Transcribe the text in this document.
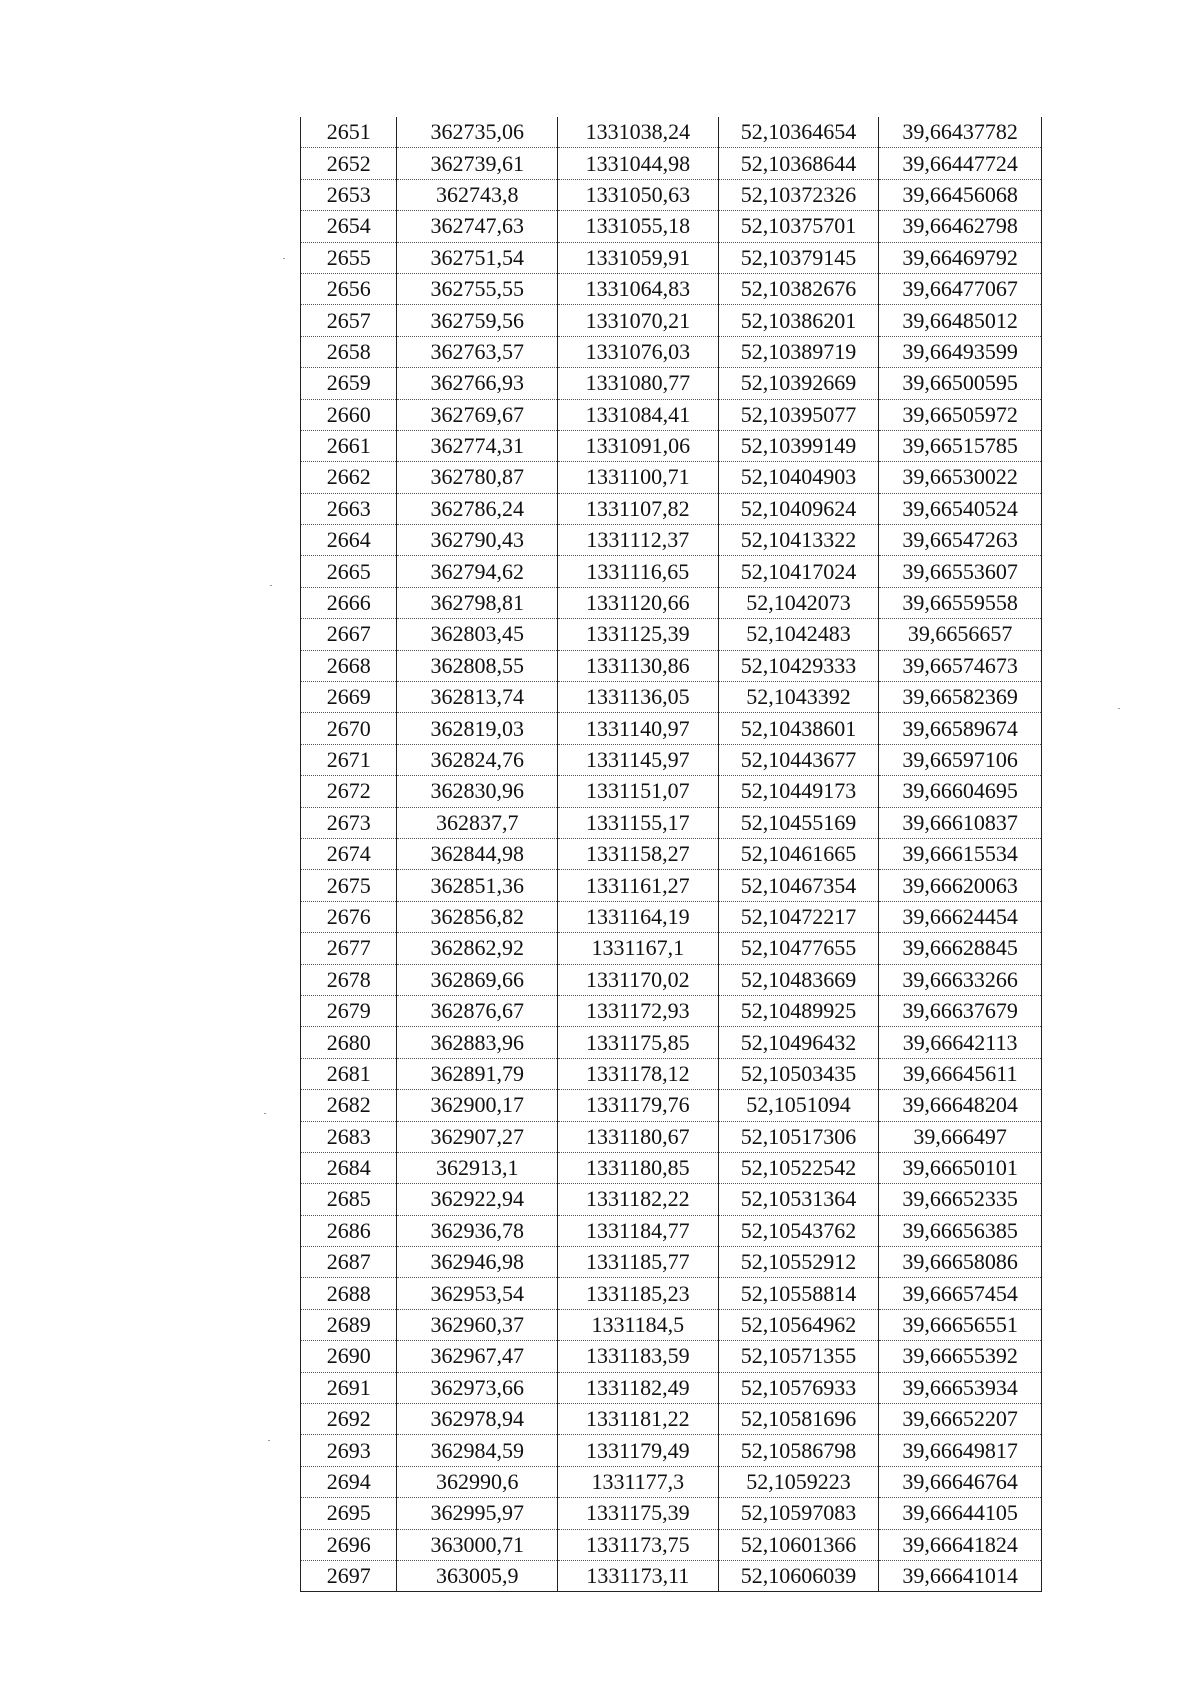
2651	362735,06	1331038,24	52,10364654	39,66437782
2652	362739,61	1331044,98	52,10368644	39,66447724
2653	362743,8	1331050,63	52,10372326	39,66456068
2654	362747,63	1331055,18	52,10375701	39,66462798
2655	362751,54	1331059,91	52,10379145	39,66469792
2656	362755,55	1331064,83	52,10382676	39,66477067
2657	362759,56	1331070,21	52,10386201	39,66485012
2658	362763,57	1331076,03	52,10389719	39,66493599
2659	362766,93	1331080,77	52,10392669	39,66500595
2660	362769,67	1331084,41	52,10395077	39,66505972
2661	362774,31	1331091,06	52,10399149	39,66515785
2662	362780,87	1331100,71	52,10404903	39,66530022
2663	362786,24	1331107,82	52,10409624	39,66540524
2664	362790,43	1331112,37	52,10413322	39,66547263
2665	362794,62	1331116,65	52,10417024	39,66553607
2666	362798,81	1331120,66	52,1042073	39,66559558
2667	362803,45	1331125,39	52,1042483	39,6656657
2668	362808,55	1331130,86	52,10429333	39,66574673
2669	362813,74	1331136,05	52,1043392	39,66582369
2670	362819,03	1331140,97	52,10438601	39,66589674
2671	362824,76	1331145,97	52,10443677	39,66597106
2672	362830,96	1331151,07	52,10449173	39,66604695
2673	362837,7	1331155,17	52,10455169	39,66610837
2674	362844,98	1331158,27	52,10461665	39,66615534
2675	362851,36	1331161,27	52,10467354	39,66620063
2676	362856,82	1331164,19	52,10472217	39,66624454
2677	362862,92	1331167,1	52,10477655	39,66628845
2678	362869,66	1331170,02	52,10483669	39,66633266
2679	362876,67	1331172,93	52,10489925	39,66637679
2680	362883,96	1331175,85	52,10496432	39,66642113
2681	362891,79	1331178,12	52,10503435	39,66645611
2682	362900,17	1331179,76	52,1051094	39,66648204
2683	362907,27	1331180,67	52,10517306	39,666497
2684	362913,1	1331180,85	52,10522542	39,66650101
2685	362922,94	1331182,22	52,10531364	39,66652335
2686	362936,78	1331184,77	52,10543762	39,66656385
2687	362946,98	1331185,77	52,10552912	39,66658086
2688	362953,54	1331185,23	52,10558814	39,66657454
2689	362960,37	1331184,5	52,10564962	39,66656551
2690	362967,47	1331183,59	52,10571355	39,66655392
2691	362973,66	1331182,49	52,10576933	39,66653934
2692	362978,94	1331181,22	52,10581696	39,66652207
2693	362984,59	1331179,49	52,10586798	39,66649817
2694	362990,6	1331177,3	52,1059223	39,66646764
2695	362995,97	1331175,39	52,10597083	39,66644105
2696	363000,71	1331173,75	52,10601366	39,66641824
2697	363005,9	1331173,11	52,10606039	39,66641014
